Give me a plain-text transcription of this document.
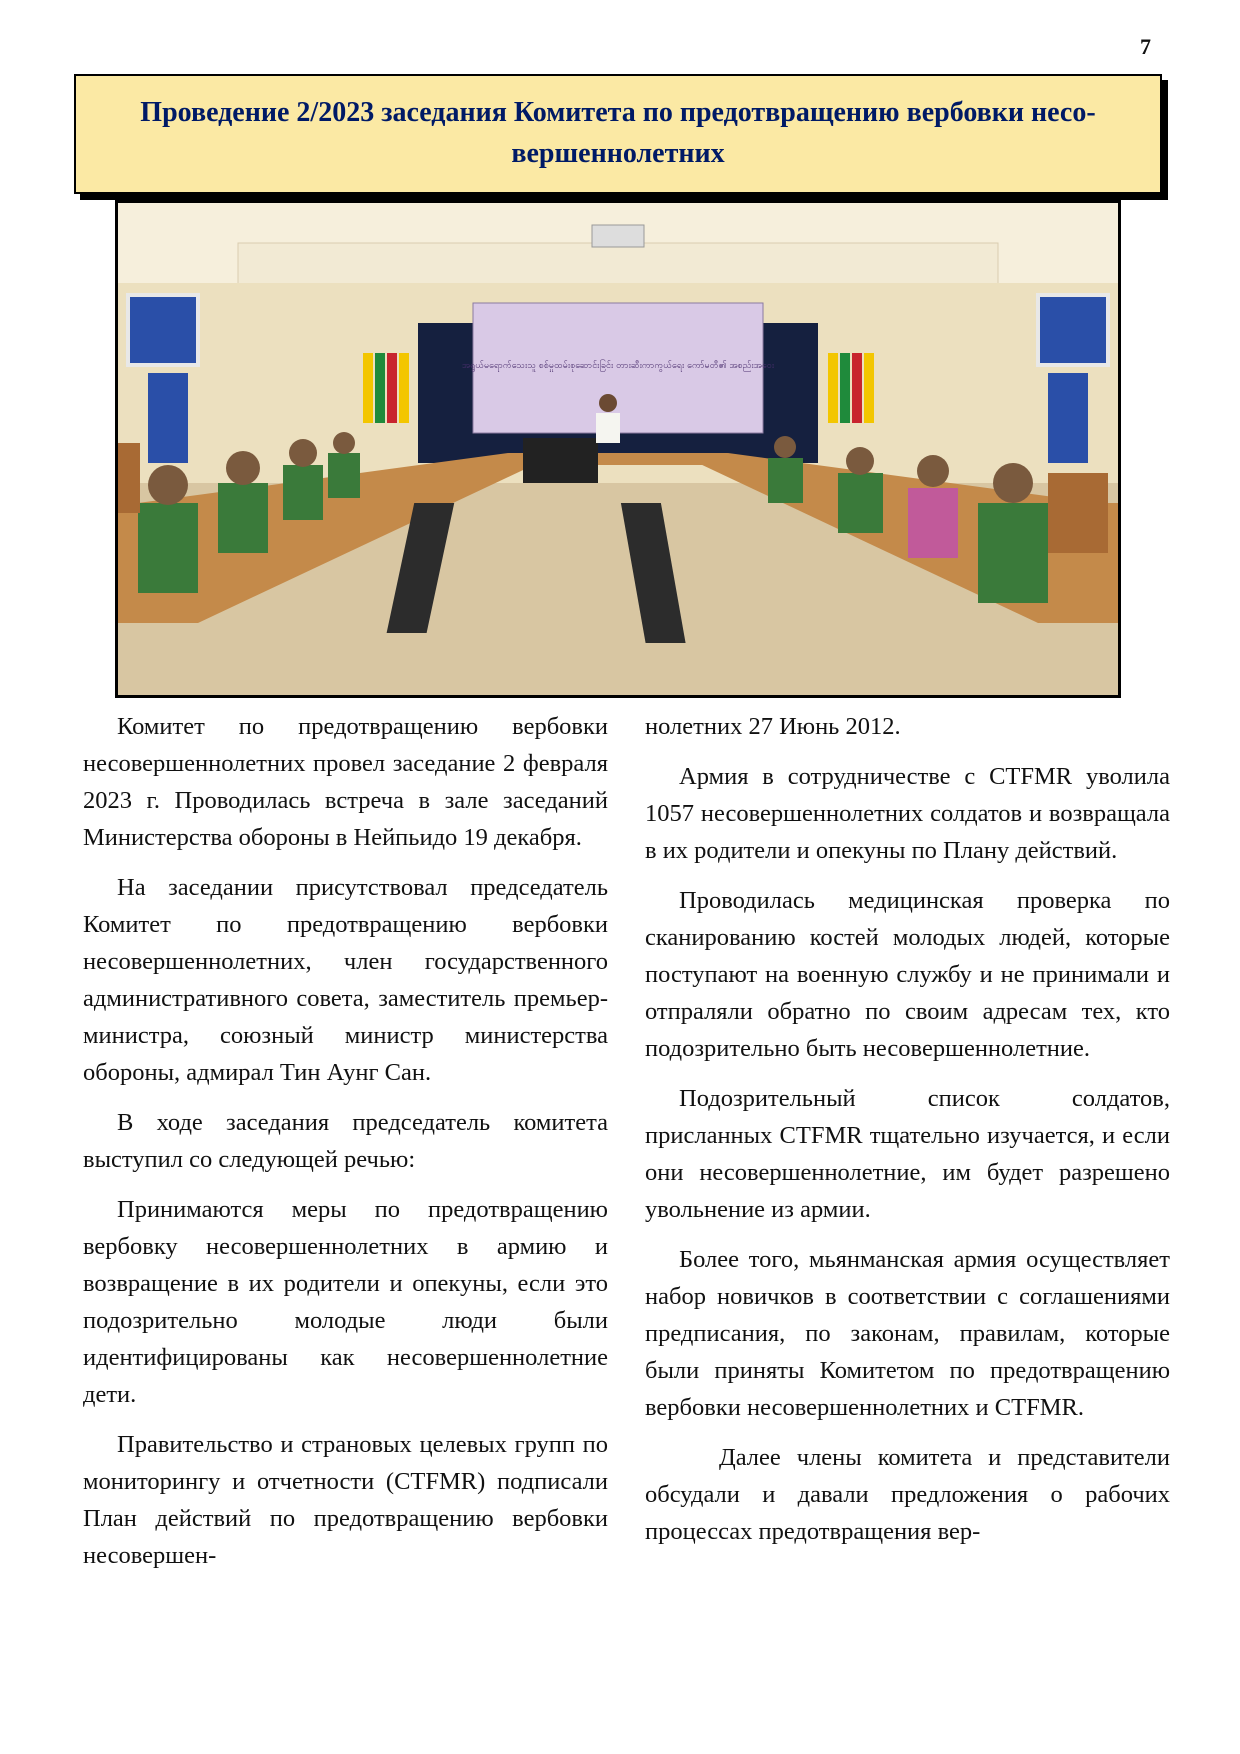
7
Проведение 2/2023 заседания Комитета по предотвращению вербовки несо-вершеннолетних
အရွယ်မရောက်သေးသူ စစ်မှုထမ်းစုဆောင်းခြင်း တားဆီးကာကွယ်ရေး ကော်မတီ၏ အစည်းအဝေး

Комитет по предотвращению вербовки несовершеннолетних провел заседание 2 февраля 2023 г. Проводилась встреча в зале заседаний Министерства обороны в Нейпьидо 19 декабря.

На заседании присутствовал председатель Комитет по предотвращению вербовки несовершеннолетних, член государственного административного совета, заместитель премьер-министра, союзный министр министерства обороны, адмирал Тин Аунг Сан.

В ходе заседания председатель комитета выступил со следующей речью:

Принимаются меры по предотвращению вербовку несовершеннолетних в армию и возвращение в их родители и опекуны, если это подозрительно молодые люди были идентифицированы как несовершеннолетние дети.

Правительство и страновых целевых групп по мониторингу и отчетности (CTFMR) подписали План действий по предотвращению вербовки несовершен-

нолетних 27 Июнь 2012.

Армия в сотрудничестве с CTFMR уволила 1057 несовершеннолетних солдатов и возвращала в их родители и опекуны по Плану действий.

Проводилась медицинская проверка по сканированию костей молодых людей, которые поступают на военную службу и не принимали и отпраляли обратно по своим адресам тех, кто подозрительно быть несовершеннолетние.

Подозрительный список солдатов, присланных CTFMR тщательно изучается, и если они несовершеннолетние, им будет разрешено увольнение из армии.

Более того, мьянманская армия осуществляет набор новичков в соответствии с соглашениями предписания, по законам, правилам, которые были приняты Комитетом по предотвращению вербовки несовершеннолетних и CTFMR.

Далее члены комитета и представители обсудали и давали предложения о рабочих процессах предотвращения вер-
